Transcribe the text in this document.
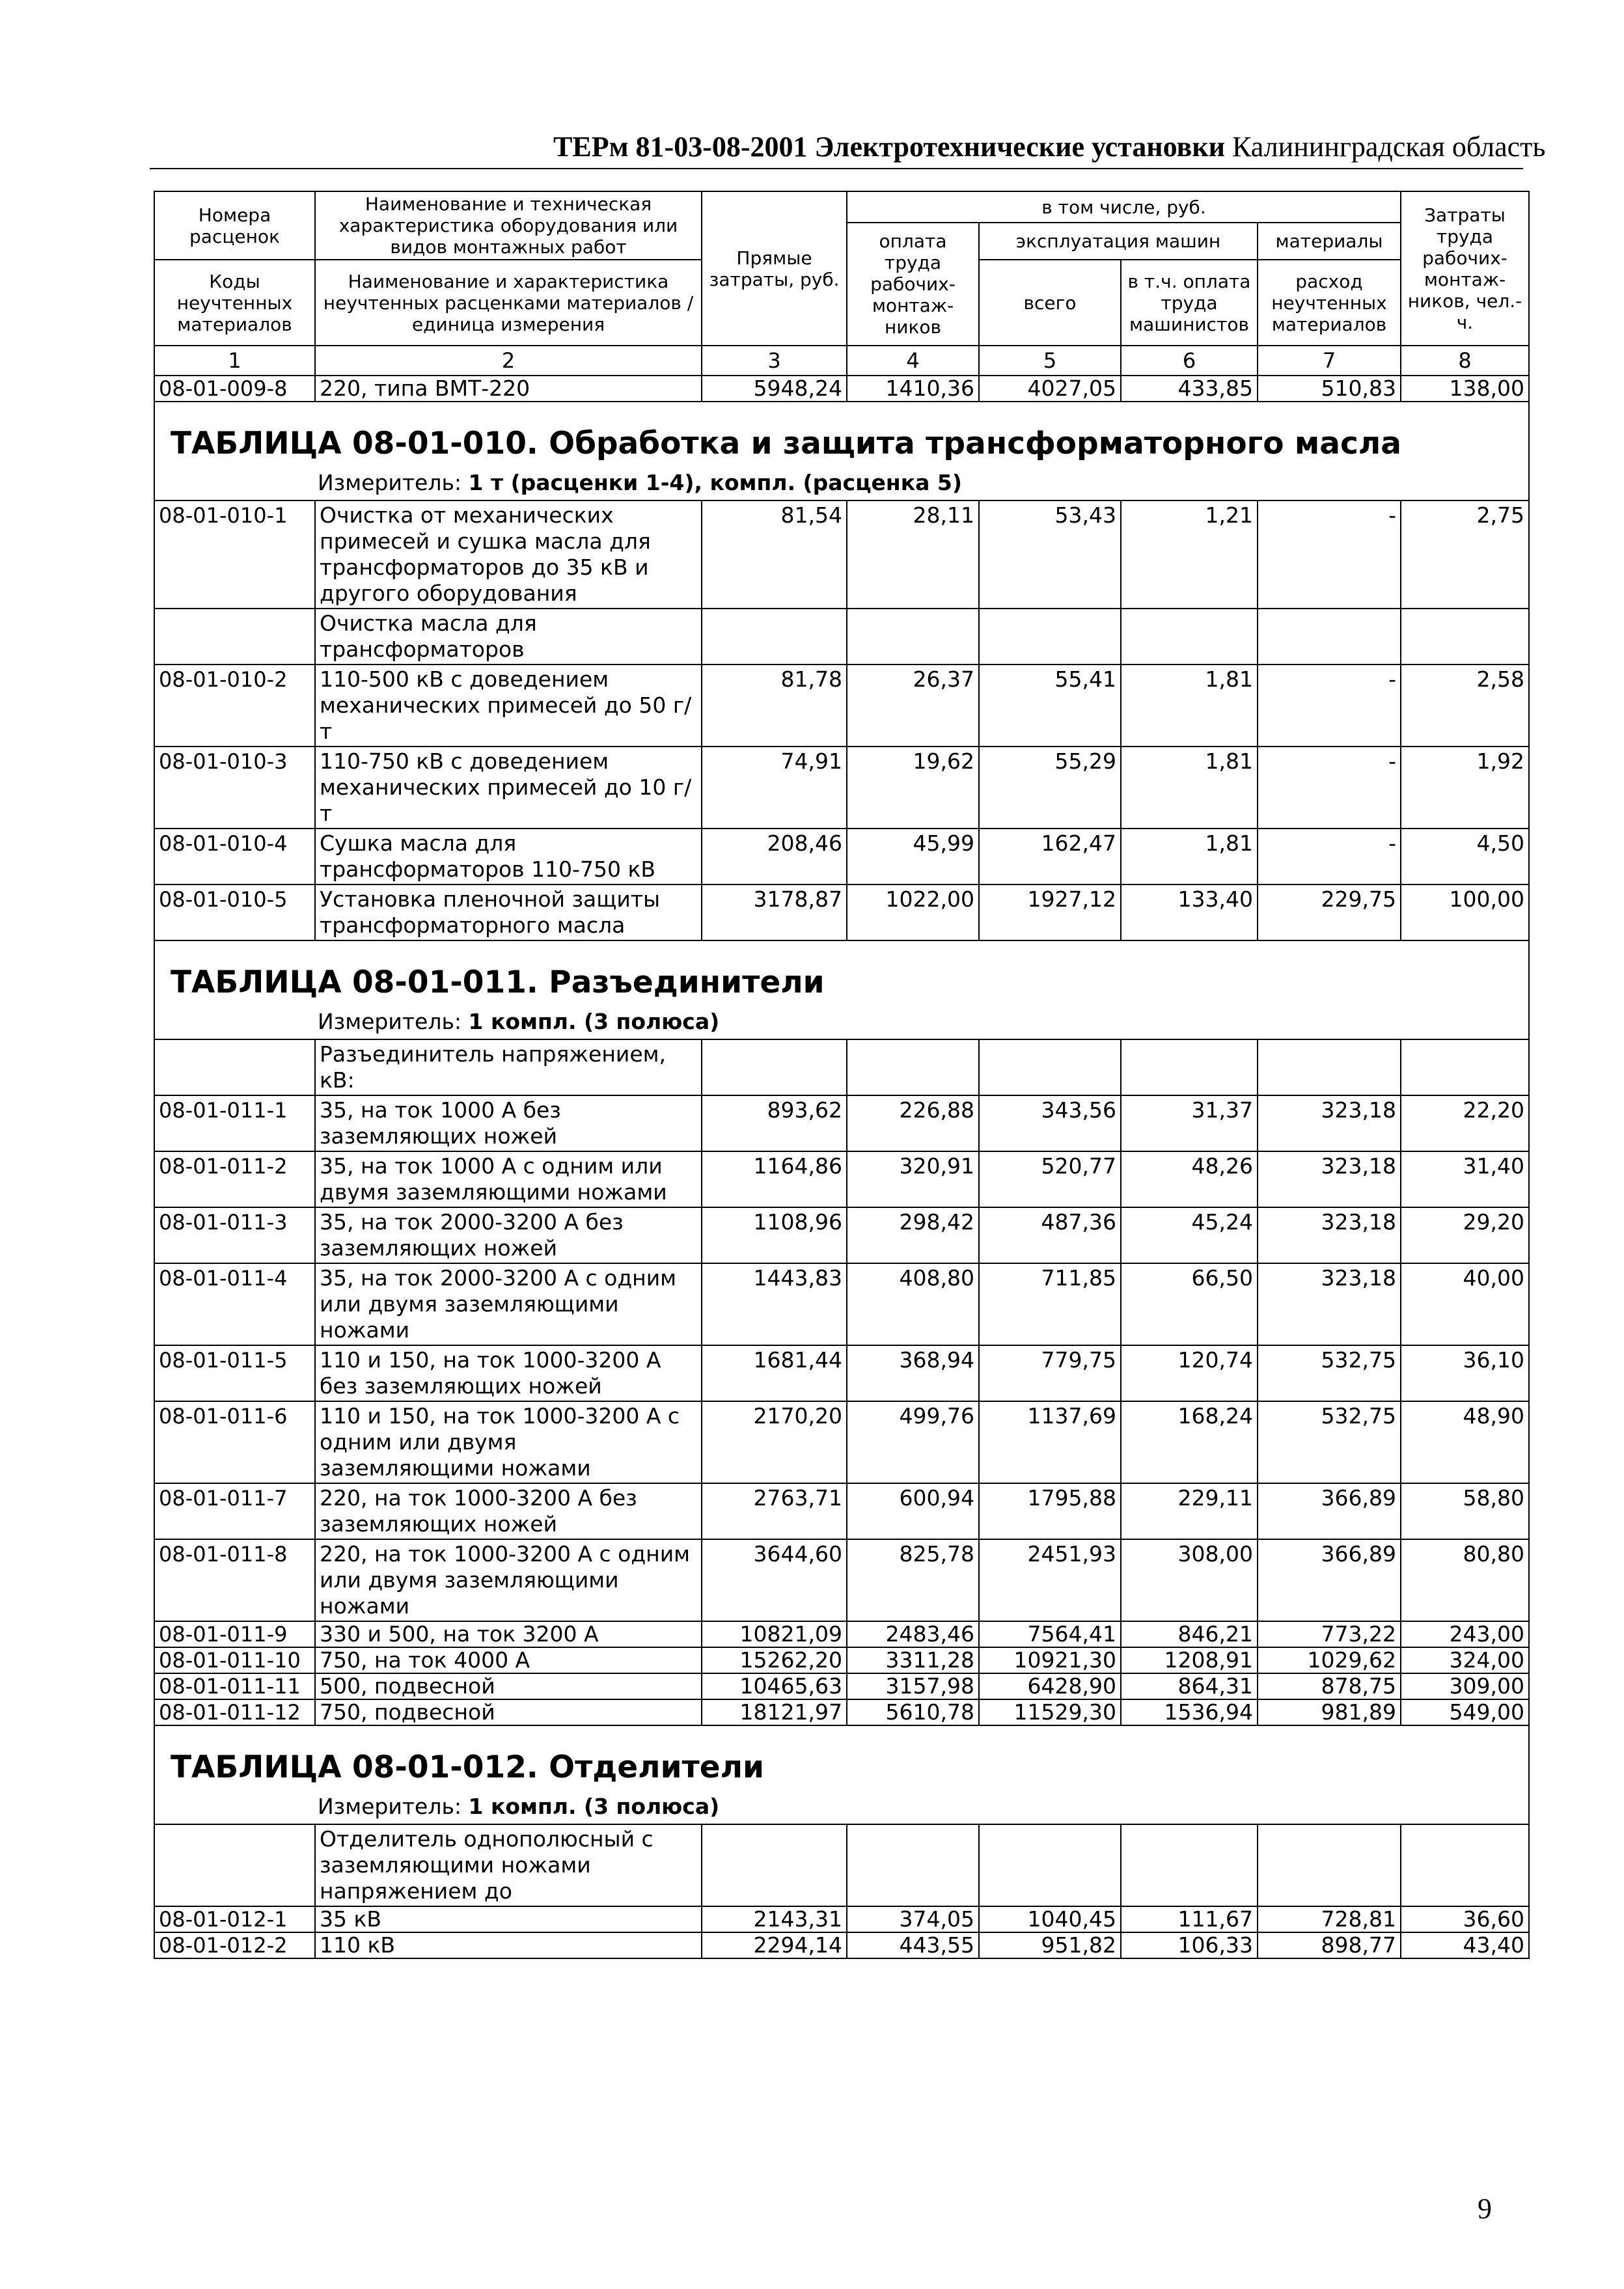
ТЕРм 81-03-08-2001 Электротехнические установки Калининградская область
Номера расценок	Наименование и техническая характеристика оборудования или видов монтажных работ	Прямые затраты, руб.	в том числе, руб.				Затраты труда рабочих-монтаж-ников, чел.-ч.
			оплата труда рабочих-монтаж-ников	эксплуатация машин		материалы	
Коды неучтенных материалов	Наименование и характеристика неучтенных расценками материалов / единица измерения			всего	в т.ч. оплата труда машинистов	расход неучтенных материалов	

1	2	3	4	5	6	7	8
08-01-009-8	220, типа ВМТ-220	5948,24	1410,36	4027,05	433,85	510,83	138,00
ТАБЛИЦА 08-01-010. Обработка и защита трансформаторного масла							
Измеритель: 1 т (расценки 1-4), компл. (расценка 5)							
08-01-010-1	Очистка от механических примесей и сушка масла для трансформаторов до 35 кВ и другого оборудования	81,54	28,11	53,43	1,21	-	2,75
	Очистка масла для трансформаторов						
08-01-010-2	110-500 кВ с доведением механических примесей до 50 г/т	81,78	26,37	55,41	1,81	-	2,58
08-01-010-3	110-750 кВ с доведением механических примесей до 10 г/т	74,91	19,62	55,29	1,81	-	1,92
08-01-010-4	Сушка масла для трансформаторов 110-750 кВ	208,46	45,99	162,47	1,81	-	4,50
08-01-010-5	Установка пленочной защиты трансформаторного масла	3178,87	1022,00	1927,12	133,40	229,75	100,00
ТАБЛИЦА 08-01-011. Разъединители							
Измеритель: 1 компл. (3 полюса)							
	Разъединитель напряжением, кВ:						
08-01-011-1	35, на ток 1000 А без заземляющих ножей	893,62	226,88	343,56	31,37	323,18	22,20
08-01-011-2	35, на ток 1000 А с одним или двумя заземляющими ножами	1164,86	320,91	520,77	48,26	323,18	31,40
08-01-011-3	35, на ток 2000-3200 А без заземляющих ножей	1108,96	298,42	487,36	45,24	323,18	29,20
08-01-011-4	35, на ток 2000-3200 А с одним или двумя заземляющими ножами	1443,83	408,80	711,85	66,50	323,18	40,00
08-01-011-5	110 и 150, на ток 1000-3200 А без заземляющих ножей	1681,44	368,94	779,75	120,74	532,75	36,10
08-01-011-6	110 и 150, на ток 1000-3200 А с одним или двумя заземляющими ножами	2170,20	499,76	1137,69	168,24	532,75	48,90
08-01-011-7	220, на ток 1000-3200 А без заземляющих ножей	2763,71	600,94	1795,88	229,11	366,89	58,80
08-01-011-8	220, на ток 1000-3200 А с одним или двумя заземляющими ножами	3644,60	825,78	2451,93	308,00	366,89	80,80
08-01-011-9	330 и 500, на ток 3200 А	10821,09	2483,46	7564,41	846,21	773,22	243,00
08-01-011-10	750, на ток 4000 А	15262,20	3311,28	10921,30	1208,91	1029,62	324,00
08-01-011-11	500, подвесной	10465,63	3157,98	6428,90	864,31	878,75	309,00
08-01-011-12	750, подвесной	18121,97	5610,78	11529,30	1536,94	981,89	549,00
ТАБЛИЦА 08-01-012. Отделители							
Измеритель: 1 компл. (3 полюса)							
	Отделитель однополюсный с заземляющими ножами напряжением до						
08-01-012-1	35 кВ	2143,31	374,05	1040,45	111,67	728,81	36,60
08-01-012-2	110 кВ	2294,14	443,55	951,82	106,33	898,77	43,40
9
